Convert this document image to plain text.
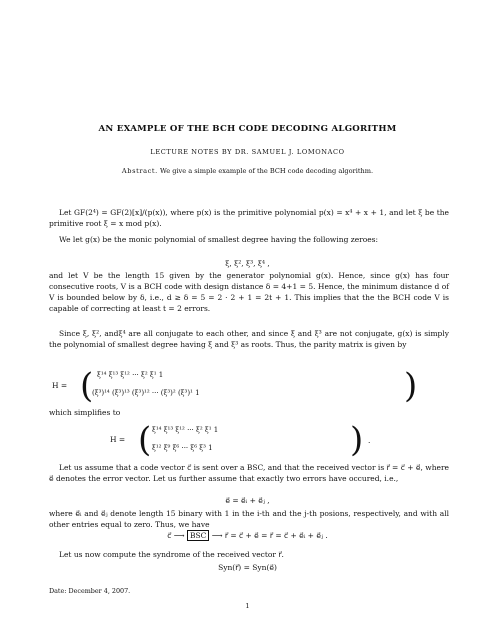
AN EXAMPLE OF THE BCH CODE DECODING ALGORITHM
LECTURE NOTES BY DR. SAMUEL J. LOMONACO
Abstract. We give a simple example of the BCH code decoding algorithm.
Let GF(2⁴) = GF(2)[x]/(p(x)), where p(x) is the primitive polynomial p(x) = x⁴ + x + 1, and let ξ be the primitive root ξ = x mod p(x).
We let g(x) be the monic polynomial of smallest degree having the following zeroes:
ξ, ξ², ξ³, ξ⁴ ,
and let V be the length 15 given by the generator polynomial g(x). Hence, since g(x) has four consecutive roots, V is a BCH code with design distance δ = 4+1 = 5. Hence, the minimum distance d of V is bounded below by δ, i.e., d ≥ δ = 5 = 2 · 2 + 1 = 2t + 1. This implies that the the BCH code V is capable of correcting at least t = 2 errors.
Since ξ, ξ², andξ⁴ are all conjugate to each other, and since ξ and ξ³ are not conjugate, g(x) is simply the polynomial of smallest degree having ξ and ξ³ as roots. Thus, the parity matrix is given by
H = ( ξ¹⁴ ξ¹³ ξ¹² ··· ξ² ξ¹ 1
(ξ³)¹⁴ (ξ³)¹³ (ξ³)¹² ··· (ξ³)² (ξ³)¹ 1	)
which simplifies to
H = ( ξ¹⁴ ξ¹³ ξ¹² ··· ξ² ξ¹ 1
ξ¹² ξ⁹ ξ⁶ ··· ξ⁶ ξ³ 1	) .
Let us assume that a code vector c⃗ is sent over a BSC, and that the received vector is r⃗ = c⃗ + e⃗, where e⃗ denotes the error vector. Let us further assume that exactly two errors have occured, i.e.,
e⃗ = e⃗ᵢ + e⃗ⱼ ,
where e⃗ᵢ and e⃗ⱼ denote length 15 binary with 1 in the i-th and the j-th posions, respectively, and with all other entries equal to zero. Thus, we have
c⃗ ⟶ BSC ⟶ r⃗ = c⃗ + e⃗ = r⃗ = c⃗ + e⃗ᵢ + e⃗ⱼ .
Let us now compute the syndrome of the received vector r⃗.
Syn(r⃗) = Syn(e⃗)
Date: December 4, 2007.
1
